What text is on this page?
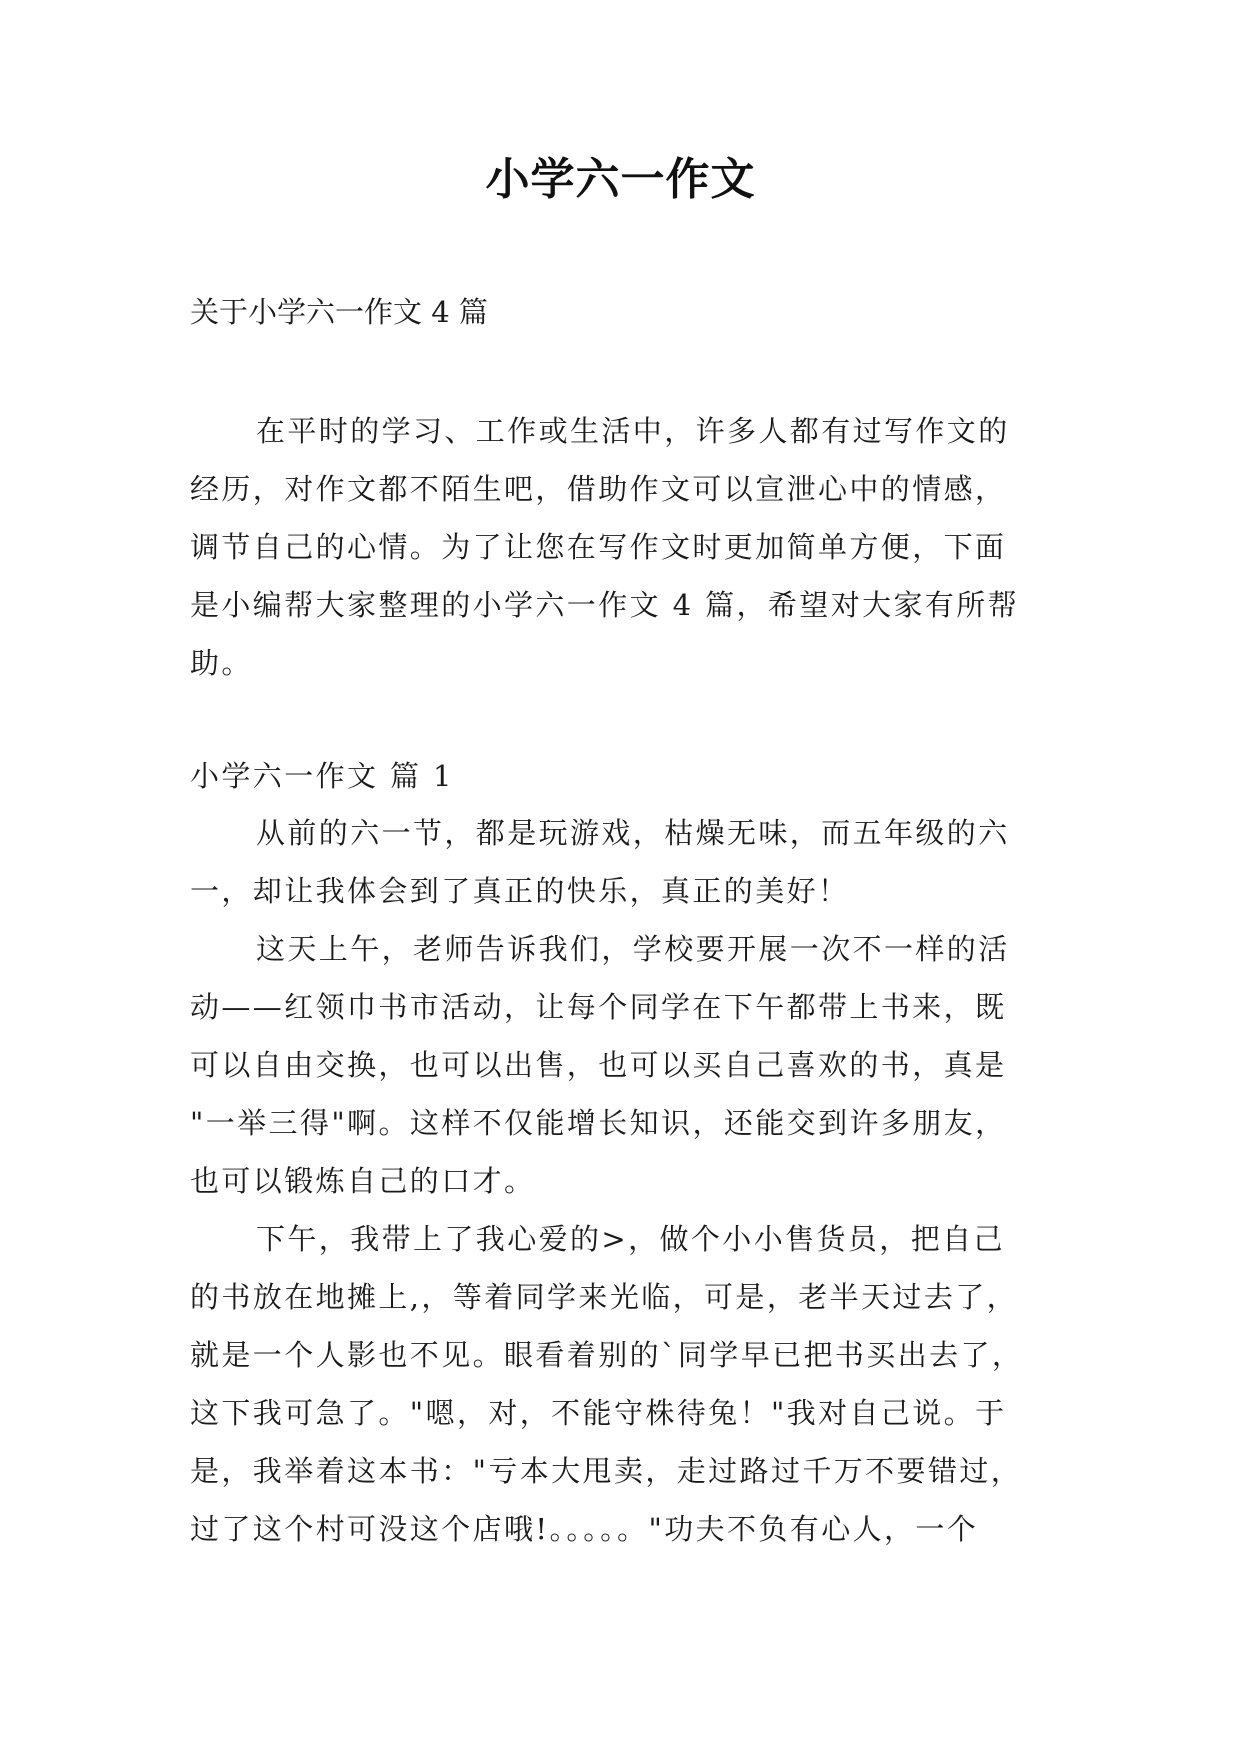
小学六一作文
关于小学六一作文 4 篇
在平时的学习、工作或生活中，许多人都有过写作文的
经历，对作文都不陌生吧，借助作文可以宣泄心中的情感，
调节自己的心情。为了让您在写作文时更加简单方便，下面
是小编帮大家整理的小学六一作文 4 篇，希望对大家有所帮
助。
小学六一作文 篇 1
从前的六一节，都是玩游戏，枯燥无味，而五年级的六
一，却让我体会到了真正的快乐，真正的美好！
这天上午，老师告诉我们，学校要开展一次不一样的活
动——红领巾书市活动，让每个同学在下午都带上书来，既
可以自由交换，也可以出售，也可以买自己喜欢的书，真是
"一举三得"啊。这样不仅能增长知识，还能交到许多朋友，
也可以锻炼自己的口才。
下午，我带上了我心爱的>，做个小小售货员，把自己
的书放在地摊上,，等着同学来光临，可是，老半天过去了，
就是一个人影也不见。眼看着别的`同学早已把书买出去了，
这下我可急了。"嗯，对，不能守株待兔！"我对自己说。于
是，我举着这本书："亏本大甩卖，走过路过千万不要错过，
过了这个村可没这个店哦!。。。。。"功夫不负有心人，一个
